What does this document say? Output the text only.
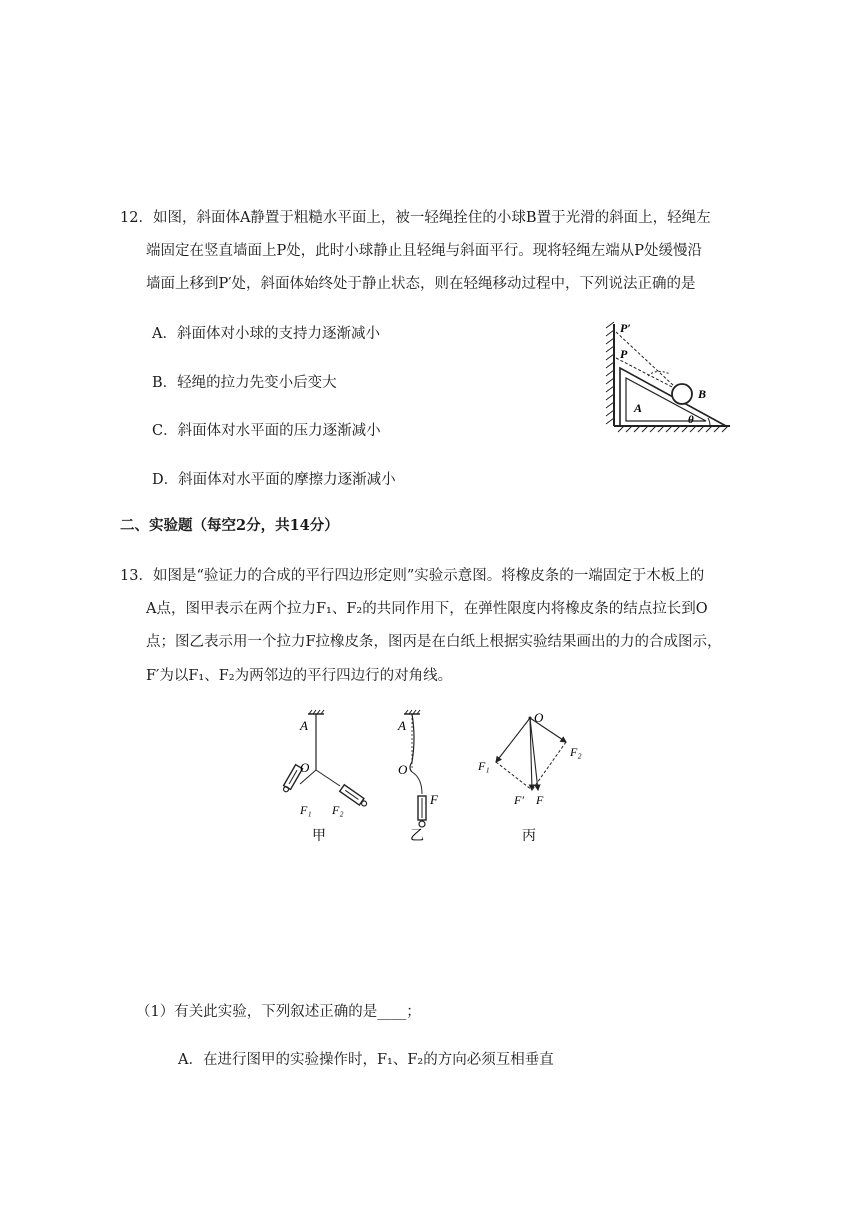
12．如图，斜面体A静置于粗糙水平面上，被一轻绳拴住的小球B置于光滑的斜面上，轻绳左
端固定在竖直墙面上P处，此时小球静止且轻绳与斜面平行。现将轻绳左端从P处缓慢沿
墙面上移到P′处，斜面体始终处于静止状态，则在轻绳移动过程中，下列说法正确的是
A．斜面体对小球的支持力逐渐减小
B．轻绳的拉力先变小后变大
C．斜面体对水平面的压力逐渐减小
D．斜面体对水平面的摩擦力逐渐减小
P′
P
A
B
θ
二、实验题（每空2分，共14分）
13．如图是“验证力的合成的平行四边形定则”实验示意图。将橡皮条的一端固定于木板上的
A点，图甲表示在两个拉力F₁、F₂的共同作用下，在弹性限度内将橡皮条的结点拉长到O
点；图乙表示用一个拉力F拉橡皮条，图丙是在白纸上根据实验结果画出的力的合成图示，
F′为以F₁、F₂为两邻边的平行四边行的对角线。
A
O
F₁ F₂
甲
A
O
F
乙
O
F₁
F₂
F′ F
丙
（1）有关此实验，下列叙述正确的是____；
A．在进行图甲的实验操作时，F₁、F₂的方向必须互相垂直
